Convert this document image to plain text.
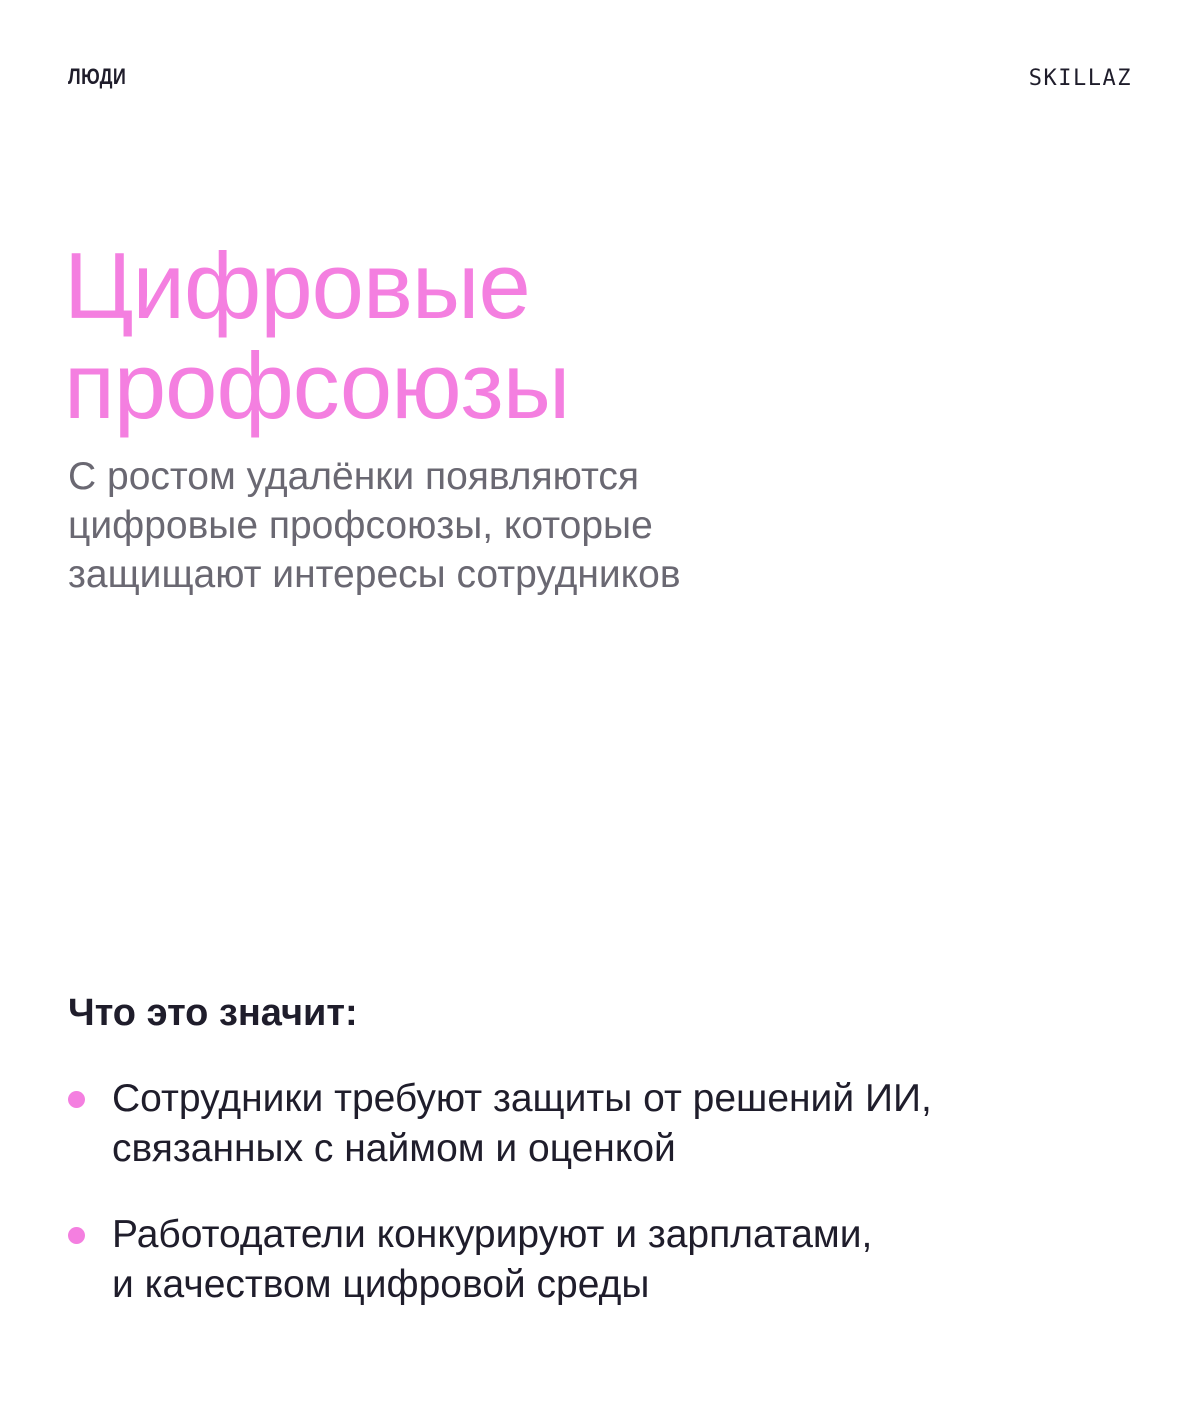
ЛЮДИ	SKILLAZ
Цифровые
профсоюзы

С ростом удалёнки появляются
цифровые профсоюзы, которые
защищают интересы сотрудников

Что это значит:
Сотрудники требуют защиты от решений ИИ,
связанных с наймом и оценкой
Работодатели конкурируют и зарплатами,
и качеством цифровой среды
